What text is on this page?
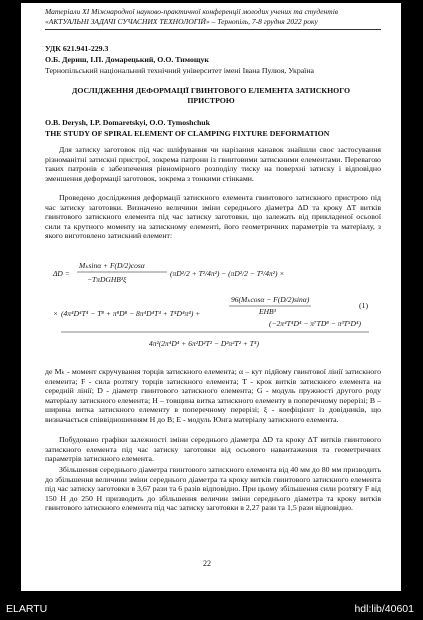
Матеріали ХІ Міжнародної науково-практичної конференції молодих учених та студентів
«АКТУАЛЬНІ ЗАДАЧІ СУЧАСНИХ ТЕХНОЛОГІЙ» – Тернопіль, 7-8 грудня 2022 року

УДК 621.941-229.3

О.Б. Дериш, І.П. Домарецький, О.О. Тимощук

Тернопільський національний технічний університет імені Івана Пулюя, Україна

ДОСЛІДЖЕННЯ ДЕФОРМАЦІЇ ГВИНТОВОГО ЕЛЕМЕНТА ЗАТИСКНОГО ПРИСТРОЮ

O.B. Derysh, I.P. Domaretskyi, O.O. Tymoshchuk

THE STUDY OF SPIRAL ELEMENT OF CLAMPING FIXTURE DEFORMATION

Для затиску заготовок під час шліфування чи нарізання канавок знайшли своє застосування різноманітні затискні пристрої, зокрема патрони із гвинтовими затискними елементами. Перевагою таких патронів є забезпечення рівномірного розподілу тиску на поверхні затиску і відповідно зменшення деформації заготовок, зокрема з тонкими стінками.

Проведено дослідження деформації затискного елемента гвинтового затискного пристрою під час затиску заготовки. Визначено величини зміни середнього діаметра ΔD та кроку ΔT витків гвинтового затискного елемента під час затиску заготовки, що залежать від прикладеної осьової сили та крутного моменту на затискному елементі, його геометричних параметрів та матеріалу, з якого виготовлено затискний елемент:

ΔD =
Mₖsinα + F(D/2)cosα
−TπDGHB³ξ
(πD²/2 + T²/4π²) − (πD²/2 − T²/4π²) ×
× (4π⁴D⁴T⁴ − T⁸ + π⁸D⁸ − 8π⁴D⁴T⁴ + T⁴D⁴π⁴) +
96(Mₖcosα − F(D/2)sinα)
EHB³
(−2π⁴T⁴D⁴ − π⁷TD⁸ − π³T⁵D⁴)
4π²(2π⁴D⁴ + 6π²D²T² − D²π²T² + T⁴)

(1)

де Мₖ - момент скручування торців затискного елемента; α – кут підйому гвинтової лінії затискного елемента; F - сила розтягу торців затискного елемента; T - крок витків затискного елемента на середній лінії; D - діаметр гвинтового затискного елемента; G - модуль пружності другого роду матеріалу затискного елемента; H – товщина витка затискного елементу в поперечному перерізі; B – ширина витка затискного елементу в поперечному перерізі; ξ - коефіцієнт із довідників, що визначається співвідношенням H до B; E - модуль Юнга матеріалу затискного елемента.

Побудовано графіки залежності зміни середнього діаметра ΔD та кроку ΔT витків гвинтового затискного елемента під час затиску заготовки від осьового навантаження та геометричних параметрів затискного елемента.

Збільшення середнього діаметра гвинтового затискного елемента від 40 мм до 80 мм призводить до збільшення величини зміни середнього діаметра та кроку витків гвинтового затискного елемента під час затиску заготовки в 3,67 рази та 6 разів відповідно. При цьому збільшення сили розтягу F від 150 Н до 250 Н призводить до збільшення величин зміни середнього діаметра та кроку витків гвинтового затискного елемента під час затиску заготовки в 2,27 рази та 1,5 рази відповідно.

22

ELARTU	hdl:lib/40601
